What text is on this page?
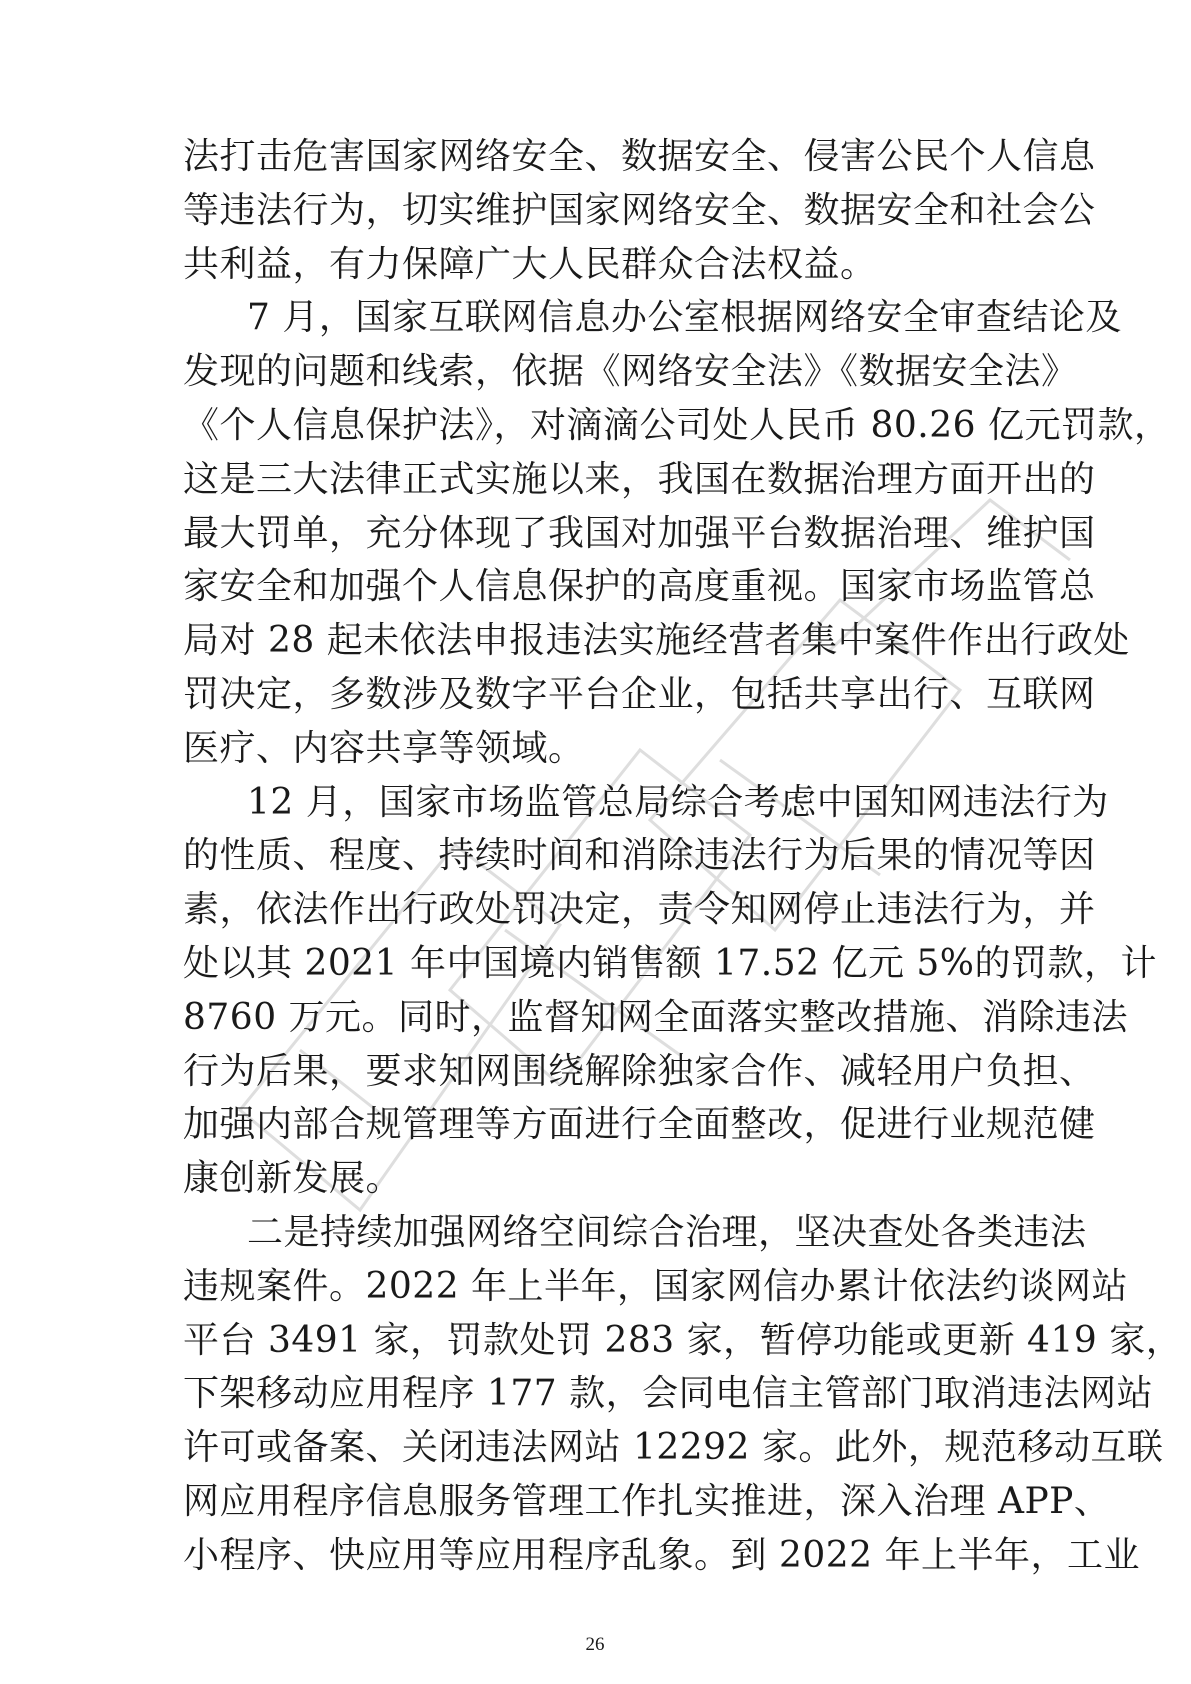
法打击危害国家网络安全、数据安全、侵害公民个人信息
等违法行为，切实维护国家网络安全、数据安全和社会公
共利益，有力保障广大人民群众合法权益。
7 月，国家互联网信息办公室根据网络安全审查结论及
发现的问题和线索，依据《网络安全法》《数据安全法》
《个人信息保护法》，对滴滴公司处人民币 80.26 亿元罚款，
这是三大法律正式实施以来，我国在数据治理方面开出的
最大罚单，充分体现了我国对加强平台数据治理、维护国
家安全和加强个人信息保护的高度重视。国家市场监管总
局对 28 起未依法申报违法实施经营者集中案件作出行政处
罚决定，多数涉及数字平台企业，包括共享出行、互联网
医疗、内容共享等领域。
12 月，国家市场监管总局综合考虑中国知网违法行为
的性质、程度、持续时间和消除违法行为后果的情况等因
素，依法作出行政处罚决定，责令知网停止违法行为，并
处以其 2021 年中国境内销售额 17.52 亿元 5%的罚款，计
8760 万元。同时，监督知网全面落实整改措施、消除违法
行为后果，要求知网围绕解除独家合作、减轻用户负担、
加强内部合规管理等方面进行全面整改，促进行业规范健
康创新发展。
二是持续加强网络空间综合治理，坚决查处各类违法
违规案件。2022 年上半年，国家网信办累计依法约谈网站
平台 3491 家，罚款处罚 283 家，暂停功能或更新 419 家，
下架移动应用程序 177 款，会同电信主管部门取消违法网站
许可或备案、关闭违法网站 12292 家。此外，规范移动互联
网应用程序信息服务管理工作扎实推进，深入治理 APP、
小程序、快应用等应用程序乱象。到 2022 年上半年，工业
26
